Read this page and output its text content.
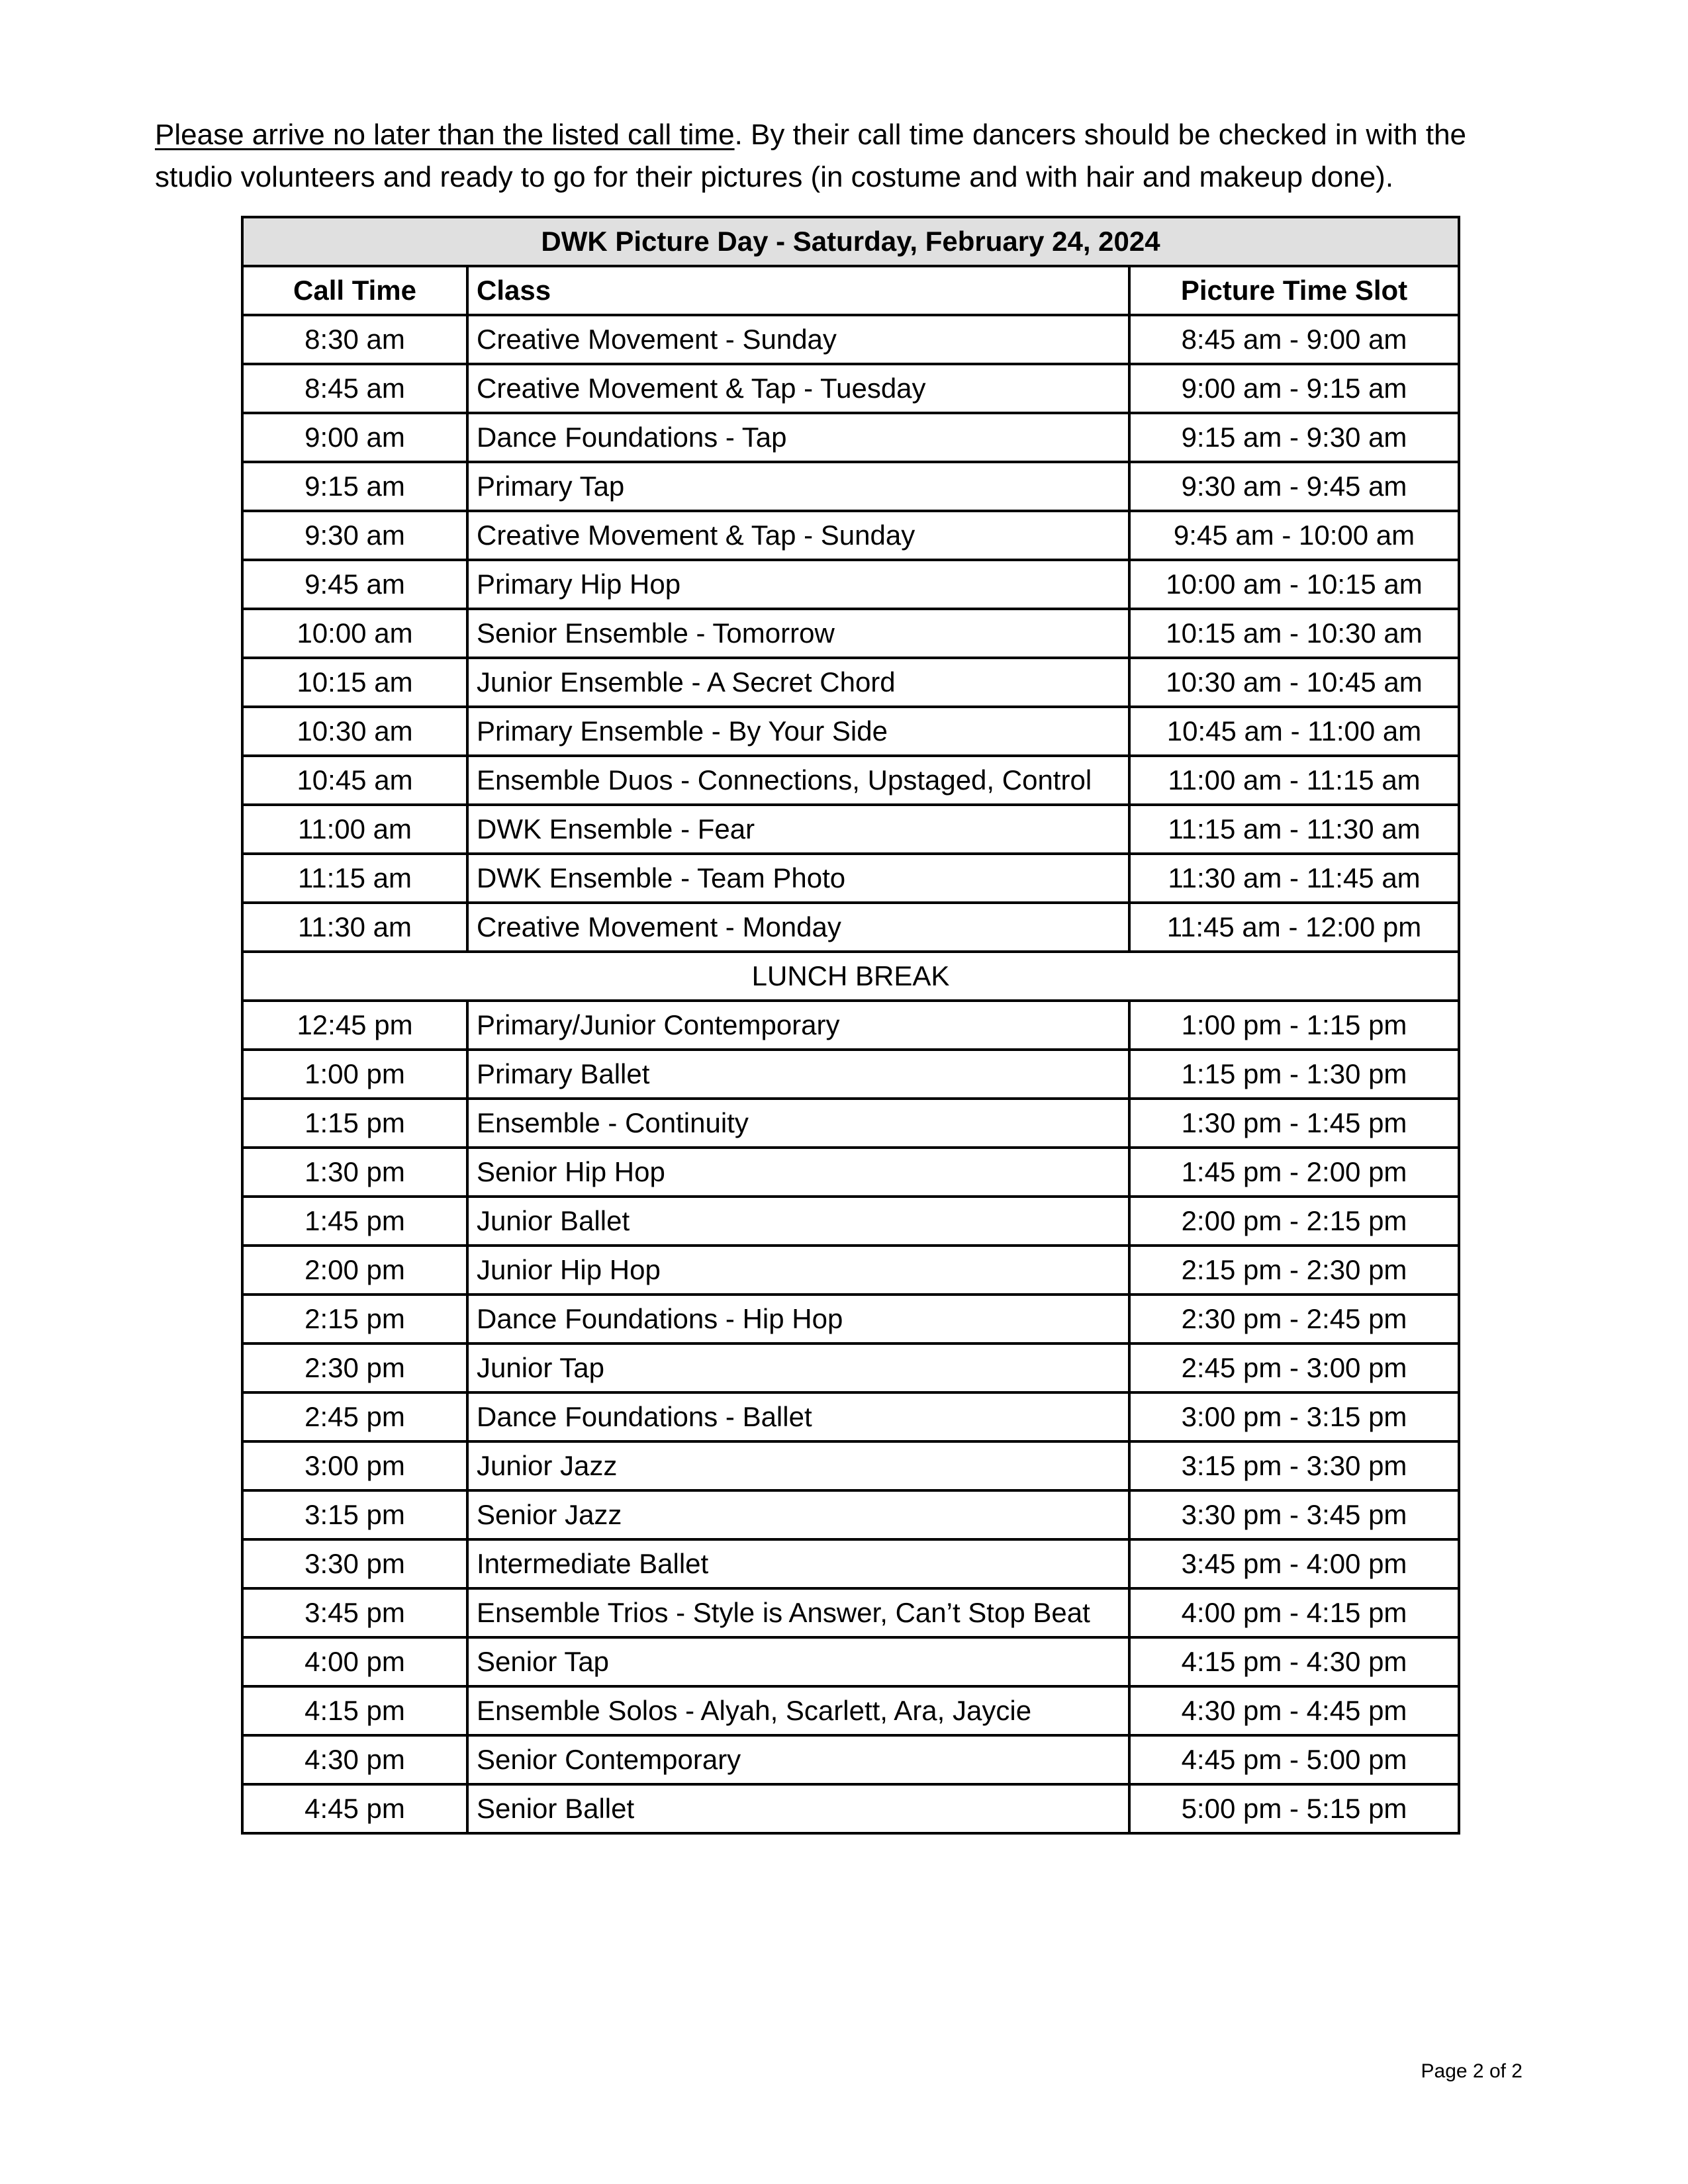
Please arrive no later than the listed call time. By their call time dancers should be checked in with the studio volunteers and ready to go for their pictures (in costume and with hair and makeup done).

DWK Picture Day - Saturday, February 24, 2024		
Call Time	Class	Picture Time Slot
8:30 am	Creative Movement - Sunday	8:45 am - 9:00 am
8:45 am	Creative Movement & Tap - Tuesday	9:00 am - 9:15 am
9:00 am	Dance Foundations - Tap	9:15 am - 9:30 am
9:15 am	Primary Tap	9:30 am - 9:45 am
9:30 am	Creative Movement & Tap - Sunday	9:45 am - 10:00 am
9:45 am	Primary Hip Hop	10:00 am - 10:15 am
10:00 am	Senior Ensemble - Tomorrow	10:15 am - 10:30 am
10:15 am	Junior Ensemble - A Secret Chord	10:30 am - 10:45 am
10:30 am	Primary Ensemble - By Your Side	10:45 am - 11:00 am
10:45 am	Ensemble Duos - Connections, Upstaged, Control	11:00 am - 11:15 am
11:00 am	DWK Ensemble - Fear	11:15 am - 11:30 am
11:15 am	DWK Ensemble - Team Photo	11:30 am - 11:45 am
11:30 am	Creative Movement - Monday	11:45 am - 12:00 pm
LUNCH BREAK		
12:45 pm	Primary/Junior Contemporary	1:00 pm - 1:15 pm
1:00 pm	Primary Ballet	1:15 pm - 1:30 pm
1:15 pm	Ensemble - Continuity	1:30 pm - 1:45 pm
1:30 pm	Senior Hip Hop	1:45 pm - 2:00 pm
1:45 pm	Junior Ballet	2:00 pm - 2:15 pm
2:00 pm	Junior Hip Hop	2:15 pm - 2:30 pm
2:15 pm	Dance Foundations - Hip Hop	2:30 pm - 2:45 pm
2:30 pm	Junior Tap	2:45 pm - 3:00 pm
2:45 pm	Dance Foundations - Ballet	3:00 pm - 3:15 pm
3:00 pm	Junior Jazz	3:15 pm - 3:30 pm
3:15 pm	Senior Jazz	3:30 pm - 3:45 pm
3:30 pm	Intermediate Ballet	3:45 pm - 4:00 pm
3:45 pm	Ensemble Trios - Style is Answer, Can’t Stop Beat	4:00 pm - 4:15 pm
4:00 pm	Senior Tap	4:15 pm - 4:30 pm
4:15 pm	Ensemble Solos - Alyah, Scarlett, Ara, Jaycie	4:30 pm - 4:45 pm
4:30 pm	Senior Contemporary	4:45 pm - 5:00 pm
4:45 pm	Senior Ballet	5:00 pm - 5:15 pm
Page 2 of 2
